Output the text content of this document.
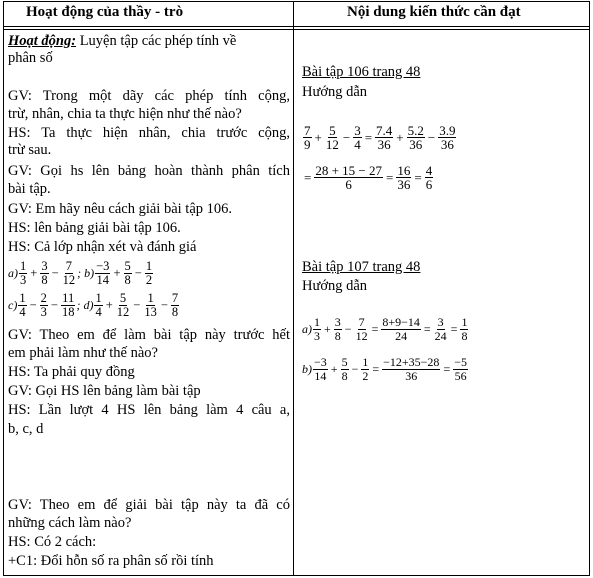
Hoạt động của thầy - trò	Nội dung kiến thức cần đạt
Hoạt động: Luyện tập các phép tính về
phân số
GV: Trong một dãy các phép tính cộng,
trừ, nhân, chia ta thực hiện như thế nào?
HS: Ta thực hiện nhân, chia trước cộng,
trừ sau.
GV: Gọi hs lên bảng hoàn thành phân tích
bài tập.
GV: Em hãy nêu cách giải bài tập 106.
HS: lên bảng giải bài tập 106.
HS: Cả lớp nhận xét và đánh giá
$a) \frac{1}{3} + \frac{3}{8} - \frac{7}{12}$ ; $b) \frac{-3}{14} + \frac{5}{8} - \frac{1}{2}$
$c) \frac{1}{4} - \frac{2}{3} - \frac{11}{18}$ ; $d) \frac{1}{4} + \frac{5}{12} - \frac{1}{13} - \frac{7}{8}$
GV: Theo em để làm bài tập này trước hết
em phải làm như thế nào?
HS: Ta phải quy đồng
GV: Gọi HS lên bảng làm bài tập
HS: Lần lượt 4 HS lên bảng làm 4 câu a,
b, c, d
GV: Theo em để giải bài tập này ta đã có
những cách làm nào?
HS: Có 2 cách:
+C1: Đổi hỗn số ra phân số rồi tính
Bài tập 106 trang 48
Hướng dẫn
$\frac{7}{9} + \frac{5}{12} - \frac{3}{4} = \frac{7.4}{36} + \frac{5.2}{36} - \frac{3.9}{36}$
= $\frac{28 + 15 - 27}{6} = \frac{16}{36} = \frac{4}{6}$
Bài tập 107 trang 48
Hướng dẫn
$a) \frac{1}{3} + \frac{3}{8} - \frac{7}{12} = \frac{8+9-14}{24} = \frac{3}{24} = \frac{1}{8}$
$b) \frac{-3}{14} + \frac{5}{8} - \frac{1}{2} = \frac{-12+35-28}{36} = \frac{-5}{56}$
